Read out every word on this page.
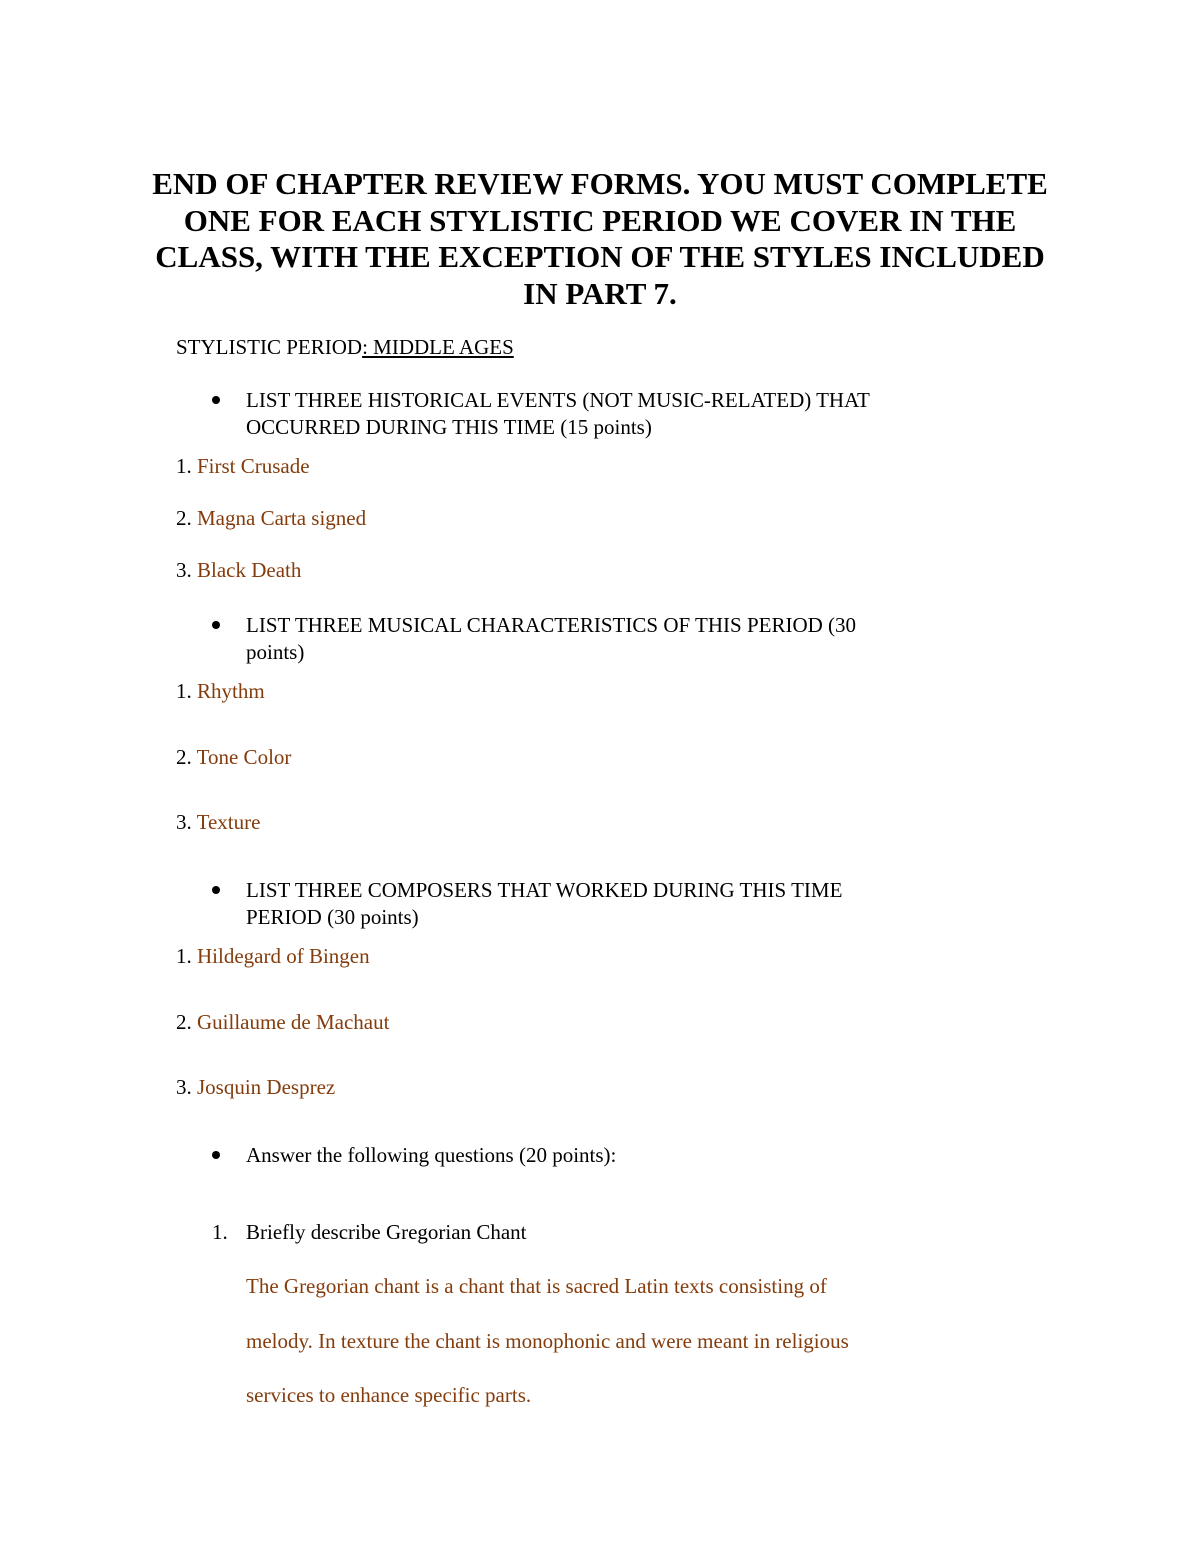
END OF CHAPTER REVIEW FORMS. YOU MUST COMPLETE ONE FOR EACH STYLISTIC PERIOD WE COVER IN THE CLASS, WITH THE EXCEPTION OF THE STYLES INCLUDED IN PART 7.
STYLISTIC PERIOD: MIDDLE AGES
LIST THREE HISTORICAL EVENTS (NOT MUSIC-RELATED) THAT
OCCURRED DURING THIS TIME (15 points)
1. First Crusade
2. Magna Carta signed
3. Black Death
LIST THREE MUSICAL CHARACTERISTICS OF THIS PERIOD (30
points)
1. Rhythm
2. Tone Color
3. Texture
LIST THREE COMPOSERS THAT WORKED DURING THIS TIME
PERIOD (30 points)
1. Hildegard of Bingen
2. Guillaume de Machaut
3. Josquin Desprez
Answer the following questions (20 points):
1. Briefly describe Gregorian Chant
The Gregorian chant is a chant that is sacred Latin texts consisting of
melody. In texture the chant is monophonic and were meant in religious
services to enhance specific parts.
